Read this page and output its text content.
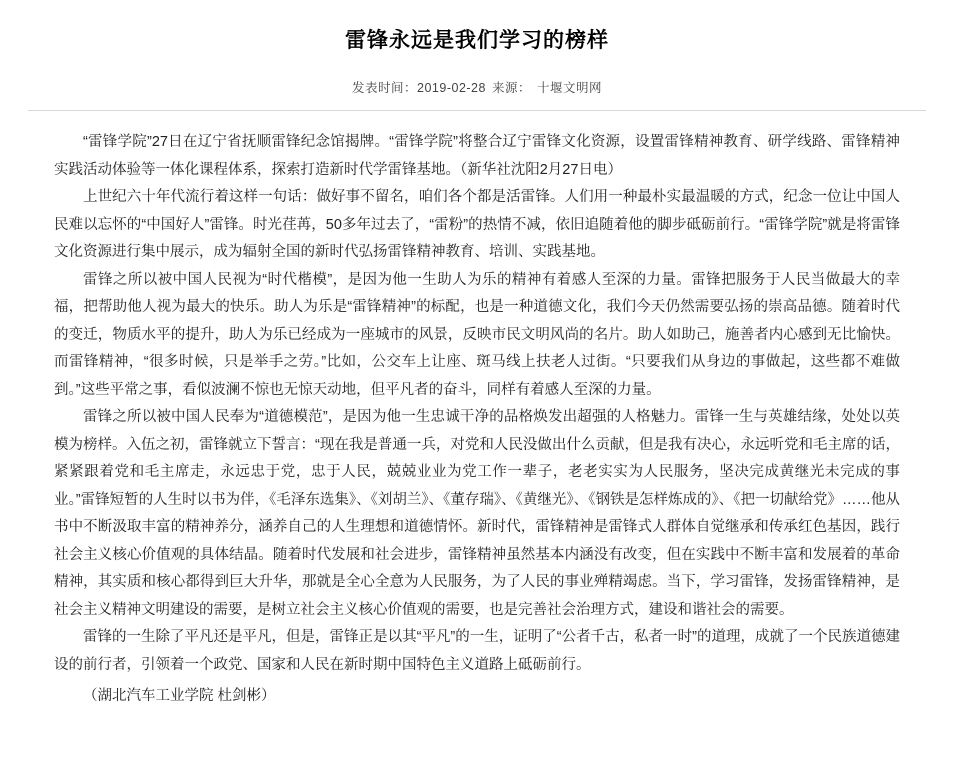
雷锋永远是我们学习的榜样
发表时间：2019-02-28 来源： 十堰文明网

“雷锋学院”27日在辽宁省抚顺雷锋纪念馆揭牌。“雷锋学院”将整合辽宁雷锋文化资源，设置雷锋精神教育、研学线路、雷锋精神实践活动体验等一体化课程体系，探索打造新时代学雷锋基地。（新华社沈阳2月27日电）

上世纪六十年代流行着这样一句话：做好事不留名，咱们各个都是活雷锋。人们用一种最朴实最温暖的方式，纪念一位让中国人民难以忘怀的“中国好人”雷锋。时光荏苒，50多年过去了，“雷粉”的热情不减，依旧追随着他的脚步砥砺前行。“雷锋学院”就是将雷锋文化资源进行集中展示，成为辐射全国的新时代弘扬雷锋精神教育、培训、实践基地。

雷锋之所以被中国人民视为“时代楷模”，是因为他一生助人为乐的精神有着感人至深的力量。雷锋把服务于人民当做最大的幸福，把帮助他人视为最大的快乐。助人为乐是“雷锋精神”的标配，也是一种道德文化，我们今天仍然需要弘扬的崇高品德。随着时代的变迁，物质水平的提升，助人为乐已经成为一座城市的风景，反映市民文明风尚的名片。助人如助己，施善者内心感到无比愉快。而雷锋精神，“很多时候，只是举手之劳。”比如，公交车上让座、斑马线上扶老人过街。“只要我们从身边的事做起，这些都不难做到。”这些平常之事，看似波澜不惊也无惊天动地，但平凡者的奋斗，同样有着感人至深的力量。

雷锋之所以被中国人民奉为“道德模范”，是因为他一生忠诚干净的品格焕发出超强的人格魅力。雷锋一生与英雄结缘，处处以英模为榜样。入伍之初，雷锋就立下誓言：“现在我是普通一兵，对党和人民没做出什么贡献，但是我有决心，永远听党和毛主席的话，紧紧跟着党和毛主席走，永远忠于党，忠于人民，兢兢业业为党工作一辈子，老老实实为人民服务，坚决完成黄继光未完成的事业。”雷锋短暂的人生时以书为伴，《毛泽东选集》、《刘胡兰》、《董存瑞》、《黄继光》、《钢铁是怎样炼成的》、《把一切献给党》……他从书中不断汲取丰富的精神养分，涵养自己的人生理想和道德情怀。新时代，雷锋精神是雷锋式人群体自觉继承和传承红色基因，践行社会主义核心价值观的具体结晶。随着时代发展和社会进步，雷锋精神虽然基本内涵没有改变，但在实践中不断丰富和发展着的革命精神，其实质和核心都得到巨大升华，那就是全心全意为人民服务，为了人民的事业殚精竭虑。当下，学习雷锋，发扬雷锋精神，是社会主义精神文明建设的需要，是树立社会主义核心价值观的需要，也是完善社会治理方式，建设和谐社会的需要。

雷锋的一生除了平凡还是平凡，但是，雷锋正是以其“平凡”的一生，证明了“公者千古，私者一时”的道理，成就了一个民族道德建设的前行者，引领着一个政党、国家和人民在新时期中国特色主义道路上砥砺前行。

（湖北汽车工业学院 杜剑彬）
